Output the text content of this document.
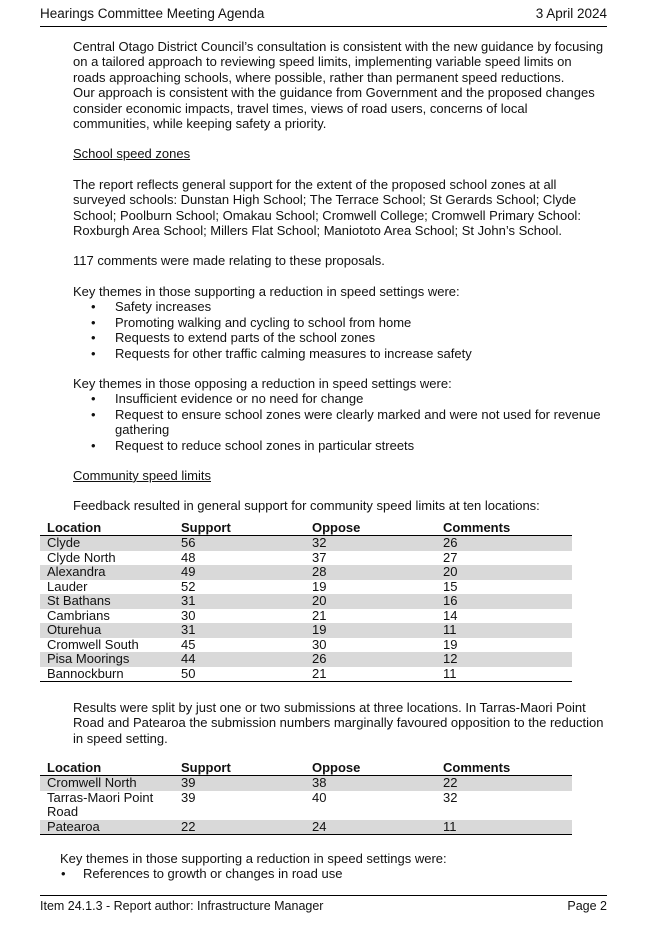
Hearings Committee Meeting Agenda	3 April 2024

Central Otago District Council’s consultation is consistent with the new guidance by focusing on a tailored approach to reviewing speed limits, implementing variable speed limits on roads approaching schools, where possible, rather than permanent speed reductions.

Our approach is consistent with the guidance from Government and the proposed changes consider economic impacts, travel times, views of road users, concerns of local communities, while keeping safety a priority.

School speed zones

The report reflects general support for the extent of the proposed school zones at all surveyed schools: Dunstan High School; The Terrace School; St Gerards School; Clyde School; Poolburn School; Omakau School; Cromwell College; Cromwell Primary School: Roxburgh Area School; Millers Flat School; Maniototo Area School; St John’s School.

117 comments were made relating to these proposals.

Key themes in those supporting a reduction in speed settings were:

• Safety increases
• Promoting walking and cycling to school from home
• Requests to extend parts of the school zones
• Requests for other traffic calming measures to increase safety

Key themes in those opposing a reduction in speed settings were:

• Insufficient evidence or no need for change
• Request to ensure school zones were clearly marked and were not used for revenue gathering
• Request to reduce school zones in particular streets

Community speed limits

Feedback resulted in general support for community speed limits at ten locations:

Location	Support	Oppose	Comments
Clyde	56	32	26
Clyde North	48	37	27
Alexandra	49	28	20
Lauder	52	19	15
St Bathans	31	20	16
Cambrians	30	21	14
Oturehua	31	19	11
Cromwell South	45	30	19
Pisa Moorings	44	26	12
Bannockburn	50	21	11

Results were split by just one or two submissions at three locations. In Tarras-Maori Point Road and Patearoa the submission numbers marginally favoured opposition to the reduction in speed setting.

Location	Support	Oppose	Comments
Cromwell North	39	38	22
Tarras-Maori Point Road	39	40	32
Patearoa	22	24	11

Key themes in those supporting a reduction in speed settings were:

• References to growth or changes in road use
Item 24.1.3 - Report author: Infrastructure Manager	Page 2
